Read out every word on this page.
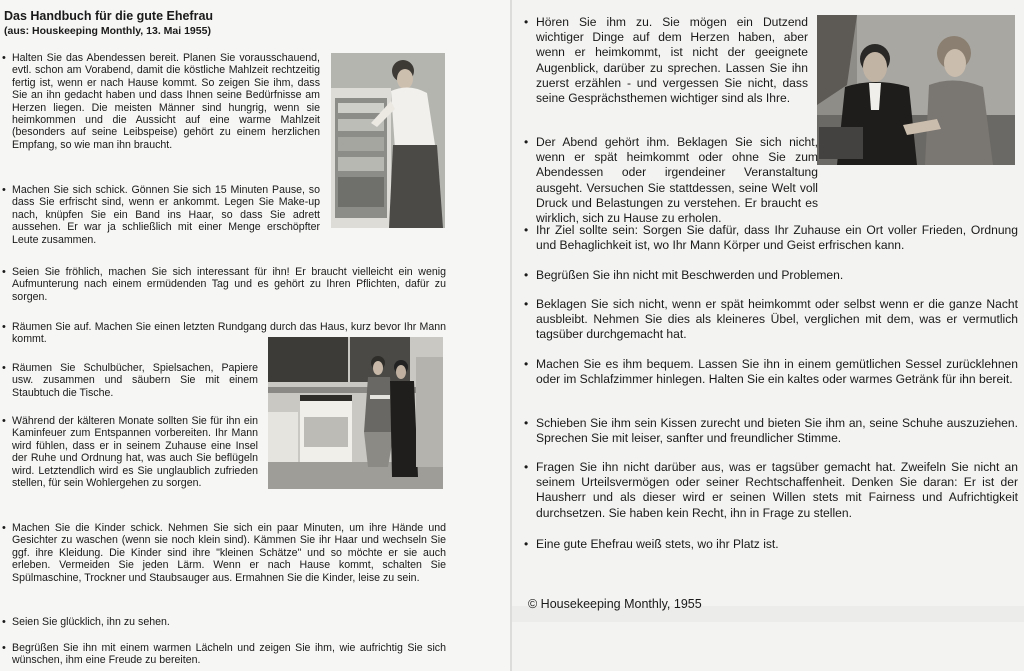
Das Handbuch für die gute Ehefrau
(aus: Houskeeping Monthly, 13. Mai 1955)
• Halten Sie das Abendessen bereit. Planen Sie vorausschauend, evtl. schon am Vorabend, damit die köstliche Mahlzeit rechtzeitig fertig ist, wenn er nach Hause kommt. So zeigen Sie ihm, dass Sie an ihn gedacht haben und dass Ihnen seine Bedürfnisse am Herzen liegen. Die meisten Männer sind hungrig, wenn sie heimkommen und die Aussicht auf eine warme Mahlzeit (besonders auf seine Leibspeise) gehört zu einem herzlichen Empfang, so wie man ihn braucht.
• Machen Sie sich schick. Gönnen Sie sich 15 Minuten Pause, so dass Sie erfrischt sind, wenn er ankommt. Legen Sie Make-up nach, knüpfen Sie ein Band ins Haar, so dass Sie adrett aussehen. Er war ja schließlich mit einer Menge erschöpfter Leute zusammen.
• Seien Sie fröhlich, machen Sie sich interessant für ihn! Er braucht vielleicht ein wenig Aufmunterung nach einem ermüdenden Tag und es gehört zu Ihren Pflichten, dafür zu sorgen.
• Räumen Sie auf. Machen Sie einen letzten Rundgang durch das Haus, kurz bevor Ihr Mann kommt.
• Räumen Sie Schulbücher, Spielsachen, Papiere usw. zusammen und säubern Sie mit einem Staubtuch die Tische.
• Während der kälteren Monate sollten Sie für ihn ein Kaminfeuer zum Entspannen vorbereiten. Ihr Mann wird fühlen, dass er in seinem Zuhause eine Insel der Ruhe und Ordnung hat, was auch Sie beflügeln wird. Letztendlich wird es Sie unglaublich zufrieden stellen, für sein Wohlergehen zu sorgen.
• Machen Sie die Kinder schick. Nehmen Sie sich ein paar Minuten, um ihre Hände und Gesichter zu waschen (wenn sie noch klein sind). Kämmen Sie ihr Haar und wechseln Sie ggf. ihre Kleidung. Die Kinder sind ihre "kleinen Schätze" und so möchte er sie auch erleben. Vermeiden Sie jeden Lärm. Wenn er nach Hause kommt, schalten Sie Spülmaschine, Trockner und Staubsauger aus. Ermahnen Sie die Kinder, leise zu sein.
• Seien Sie glücklich, ihn zu sehen.
• Begrüßen Sie ihn mit einem warmen Lächeln und zeigen Sie ihm, wie aufrichtig Sie sich wünschen, ihm eine Freude zu bereiten.
• Hören Sie ihm zu. Sie mögen ein Dutzend wichtiger Dinge auf dem Herzen haben, aber wenn er heimkommt, ist nicht der geeignete Augenblick, darüber zu sprechen. Lassen Sie ihn zuerst erzählen - und vergessen Sie nicht, dass seine Gesprächsthemen wichtiger sind als Ihre.
• Der Abend gehört ihm. Beklagen Sie sich nicht, wenn er spät heimkommt oder ohne Sie zum Abendessen oder irgendeiner Veranstaltung ausgeht. Versuchen Sie stattdessen, seine Welt voll Druck und Belastungen zu verstehen. Er braucht es wirklich, sich zu Hause zu erholen.
• Ihr Ziel sollte sein: Sorgen Sie dafür, dass Ihr Zuhause ein Ort voller Frieden, Ordnung und Behaglichkeit ist, wo Ihr Mann Körper und Geist erfrischen kann.
• Begrüßen Sie ihn nicht mit Beschwerden und Problemen.
• Beklagen Sie sich nicht, wenn er spät heimkommt oder selbst wenn er die ganze Nacht ausbleibt. Nehmen Sie dies als kleineres Übel, verglichen mit dem, was er vermutlich tagsüber durchgemacht hat.
• Machen Sie es ihm bequem. Lassen Sie ihn in einem gemütlichen Sessel zurücklehnen oder im Schlafzimmer hinlegen. Halten Sie ein kaltes oder warmes Getränk für ihn bereit.
• Schieben Sie ihm sein Kissen zurecht und bieten Sie ihm an, seine Schuhe auszuziehen. Sprechen Sie mit leiser, sanfter und freundlicher Stimme.
• Fragen Sie ihn nicht darüber aus, was er tagsüber gemacht hat. Zweifeln Sie nicht an seinem Urteilsvermögen oder seiner Rechtschaffenheit. Denken Sie daran: Er ist der Hausherr und als dieser wird er seinen Willen stets mit Fairness und Aufrichtigkeit durchsetzen. Sie haben kein Recht, ihn in Frage zu stellen.
• Eine gute Ehefrau weiß stets, wo ihr Platz ist.
© Housekeeping Monthly, 1955
